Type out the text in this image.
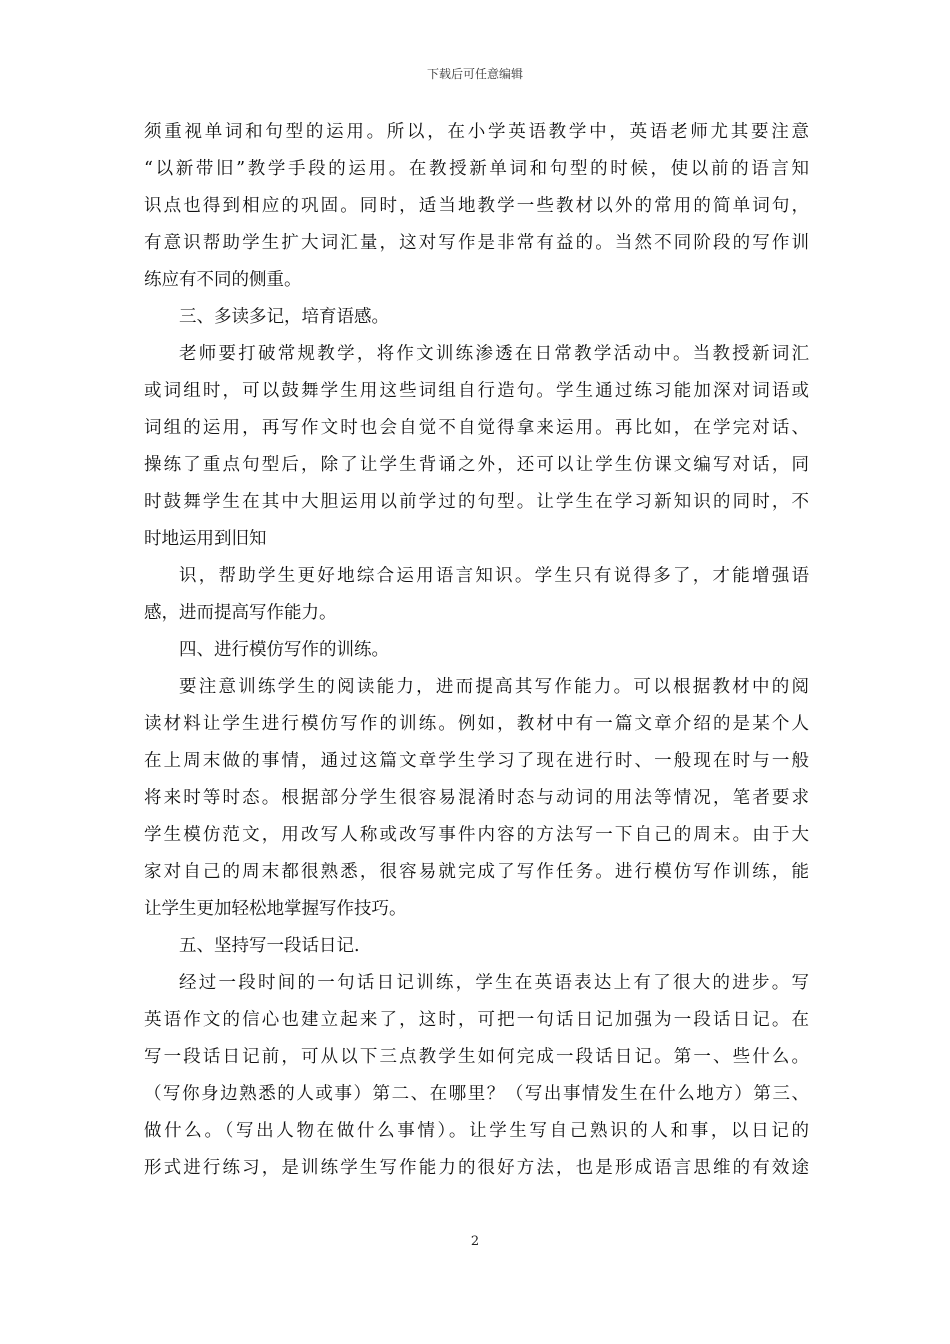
下载后可任意编辑
须重视单词和句型的运用。所以，在小学英语教学中，英语老师尤其要注意
“以新带旧”教学手段的运用。在教授新单词和句型的时候，使以前的语言知
识点也得到相应的巩固。同时，适当地教学一些教材以外的常用的简单词句，
有意识帮助学生扩大词汇量，这对写作是非常有益的。当然不同阶段的写作训
练应有不同的侧重。
三、多读多记，培育语感。
老师要打破常规教学，将作文训练渗透在日常教学活动中。当教授新词汇
或词组时，可以鼓舞学生用这些词组自行造句。学生通过练习能加深对词语或
词组的运用，再写作文时也会自觉不自觉得拿来运用。再比如，在学完对话、
操练了重点句型后，除了让学生背诵之外，还可以让学生仿课文编写对话，同
时鼓舞学生在其中大胆运用以前学过的句型。让学生在学习新知识的同时，不
时地运用到旧知
识，帮助学生更好地综合运用语言知识。学生只有说得多了，才能增强语
感，进而提高写作能力。
四、进行模仿写作的训练。
要注意训练学生的阅读能力，进而提高其写作能力。可以根据教材中的阅
读材料让学生进行模仿写作的训练。例如，教材中有一篇文章介绍的是某个人
在上周末做的事情，通过这篇文章学生学习了现在进行时、一般现在时与一般
将来时等时态。根据部分学生很容易混淆时态与动词的用法等情况，笔者要求
学生模仿范文，用改写人称或改写事件内容的方法写一下自己的周末。由于大
家对自己的周末都很熟悉，很容易就完成了写作任务。进行模仿写作训练，能
让学生更加轻松地掌握写作技巧。
五、坚持写一段话日记.
经过一段时间的一句话日记训练，学生在英语表达上有了很大的进步。写
英语作文的信心也建立起来了，这时，可把一句话日记加强为一段话日记。在
写一段话日记前，可从以下三点教学生如何完成一段话日记。第一、些什么。
（写你身边熟悉的人或事）第二、在哪里？（写出事情发生在什么地方）第三、
做什么。（写出人物在做什么事情）。让学生写自己熟识的人和事，以日记的
形式进行练习，是训练学生写作能力的很好方法，也是形成语言思维的有效途
2
